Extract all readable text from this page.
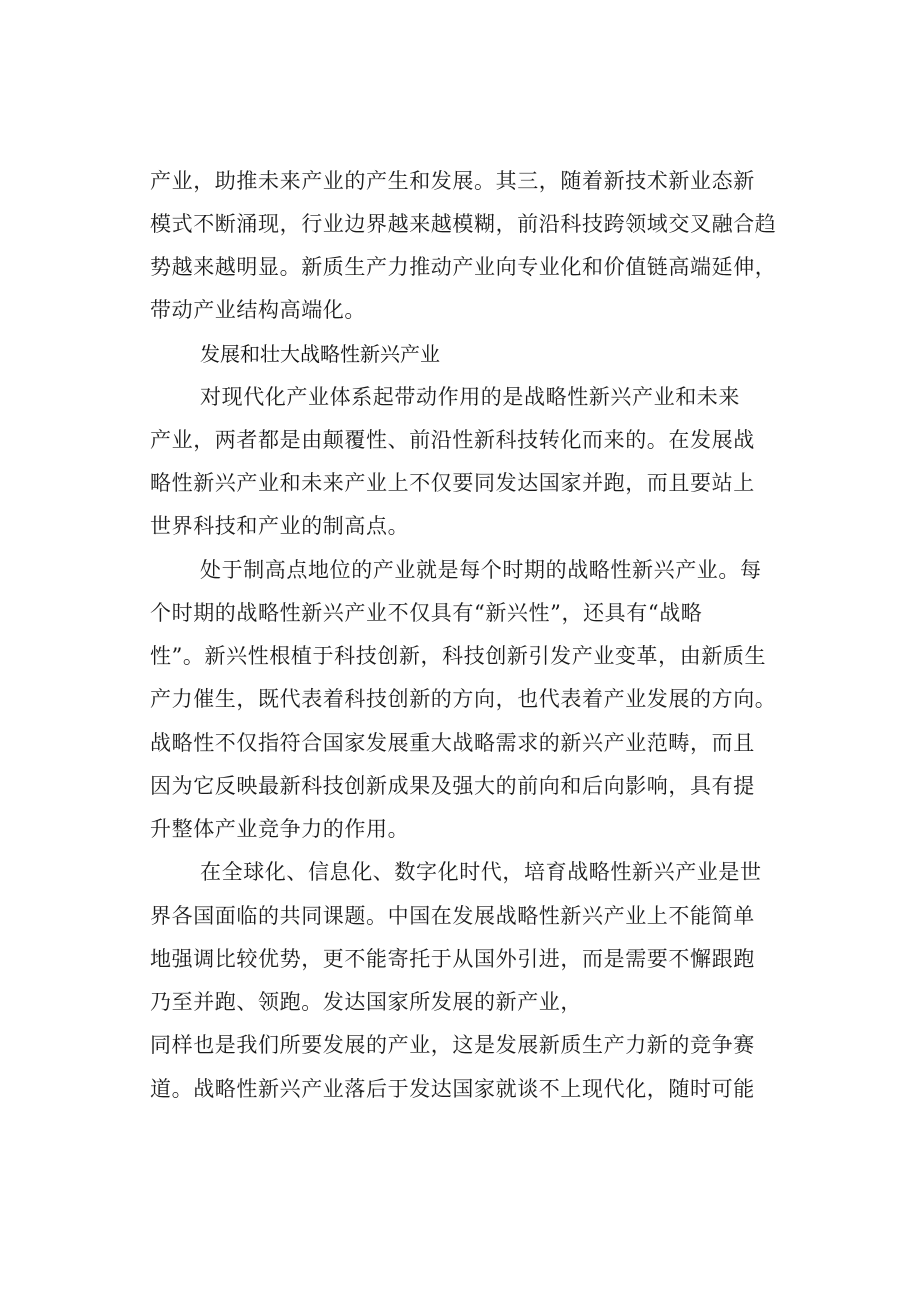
产业，助推未来产业的产生和发展。其三，随着新技术新业态新

模式不断涌现，行业边界越来越模糊，前沿科技跨领域交叉融合趋

势越来越明显。新质生产力推动产业向专业化和价值链高端延伸，

带动产业结构高端化。

发展和壮大战略性新兴产业

对现代化产业体系起带动作用的是战略性新兴产业和未来

产业，两者都是由颠覆性、前沿性新科技转化而来的。在发展战

略性新兴产业和未来产业上不仅要同发达国家并跑，而且要站上

世界科技和产业的制高点。

处于制高点地位的产业就是每个时期的战略性新兴产业。每

个时期的战略性新兴产业不仅具有“新兴性”，还具有“战略

性”。新兴性根植于科技创新，科技创新引发产业变革，由新质生

产力催生，既代表着科技创新的方向，也代表着产业发展的方向。

战略性不仅指符合国家发展重大战略需求的新兴产业范畴，而且

因为它反映最新科技创新成果及强大的前向和后向影响，具有提

升整体产业竞争力的作用。

在全球化、信息化、数字化时代，培育战略性新兴产业是世

界各国面临的共同课题。中国在发展战略性新兴产业上不能简单

地强调比较优势，更不能寄托于从国外引进，而是需要不懈跟跑

乃至并跑、领跑。发达国家所发展的新产业，

同样也是我们所要发展的产业，这是发展新质生产力新的竞争赛

道。战略性新兴产业落后于发达国家就谈不上现代化，随时可能
